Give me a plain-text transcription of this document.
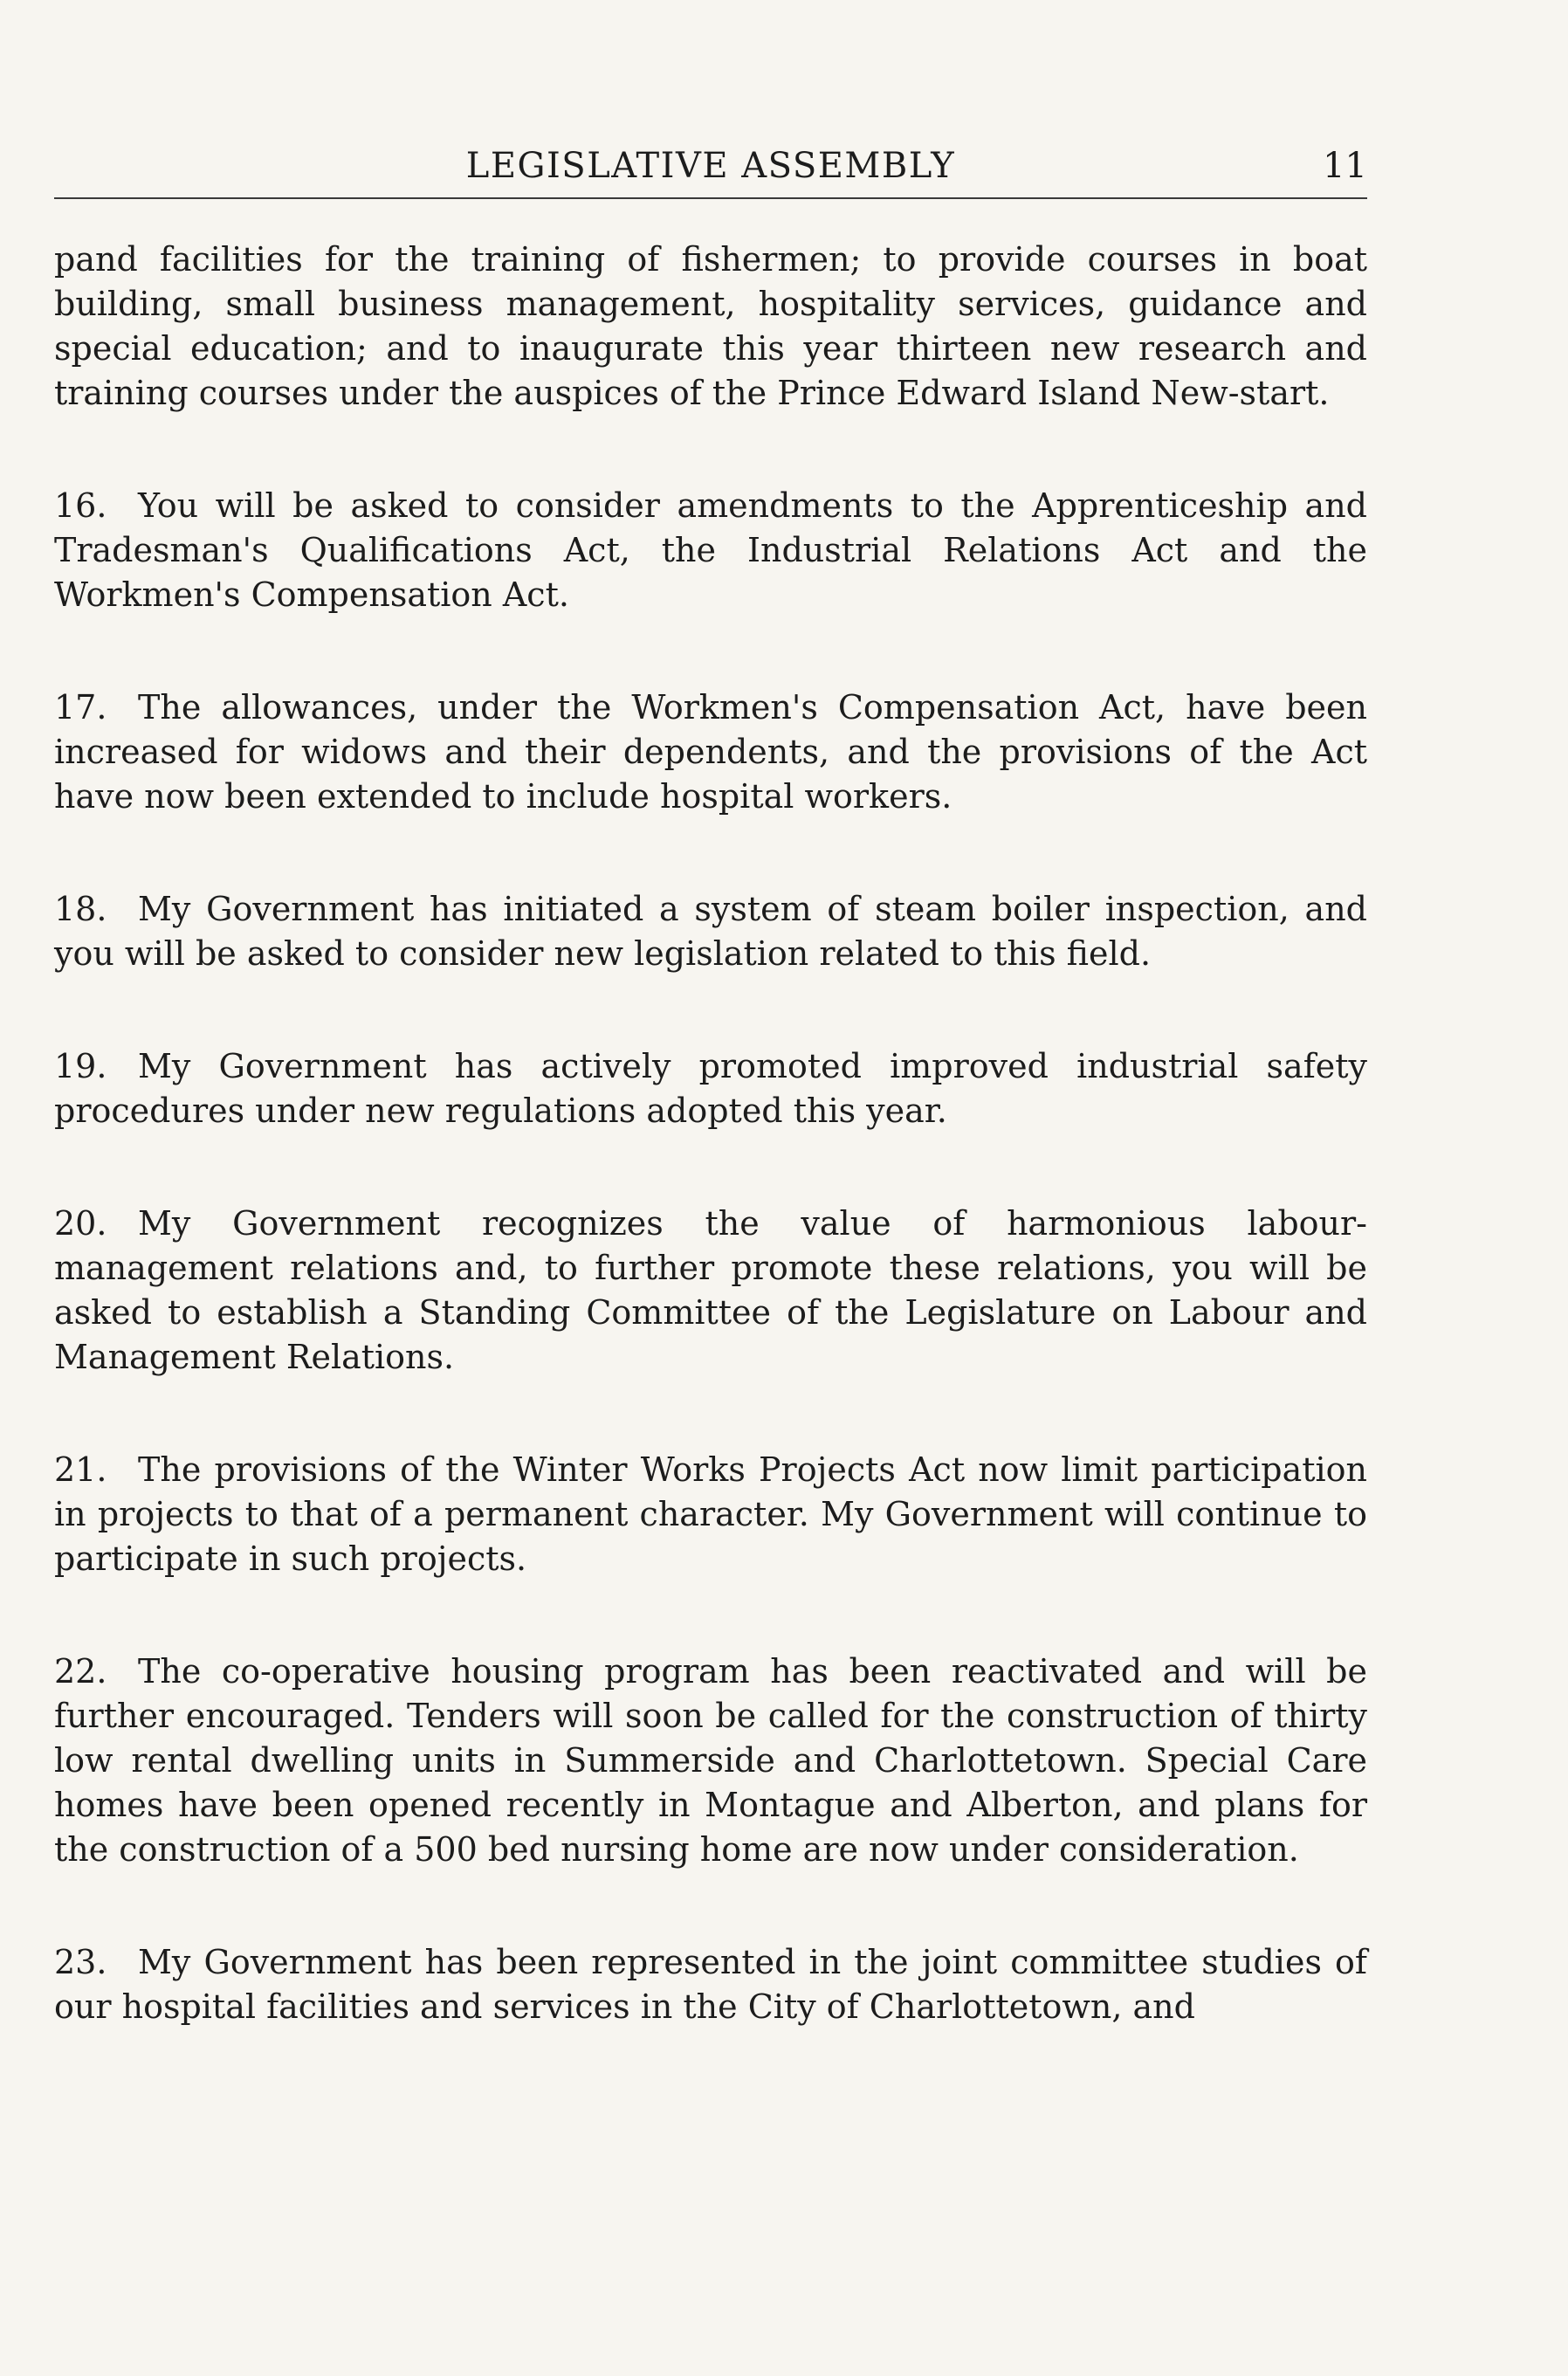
LEGISLATIVE ASSEMBLY	11

pand facilities for the training of fishermen; to provide courses in boat building, small business management, hospitality services, guidance and special education; and to inaugurate this year thirteen new research and training courses under the auspices of the Prince Edward Island New-start.

16. You will be asked to consider amendments to the Apprenticeship and Tradesman's Qualifications Act, the Industrial Relations Act and the Workmen's Compensation Act.

17. The allowances, under the Workmen's Compensation Act, have been increased for widows and their dependents, and the provisions of the Act have now been extended to include hospital workers.

18. My Government has initiated a system of steam boiler inspection, and you will be asked to consider new legislation related to this field.

19. My Government has actively promoted improved industrial safety procedures under new regulations adopted this year.

20. My Government recognizes the value of harmonious labour-management relations and, to further promote these relations, you will be asked to establish a Standing Committee of the Legislature on Labour and Management Relations.

21. The provisions of the Winter Works Projects Act now limit participation in projects to that of a permanent character. My Government will continue to participate in such projects.

22. The co-operative housing program has been reactivated and will be further encouraged. Tenders will soon be called for the construction of thirty low rental dwelling units in Summerside and Charlottetown. Special Care homes have been opened recently in Montague and Alberton, and plans for the construction of a 500 bed nursing home are now under consideration.

23. My Government has been represented in the joint committee studies of our hospital facilities and services in the City of Charlottetown, and
